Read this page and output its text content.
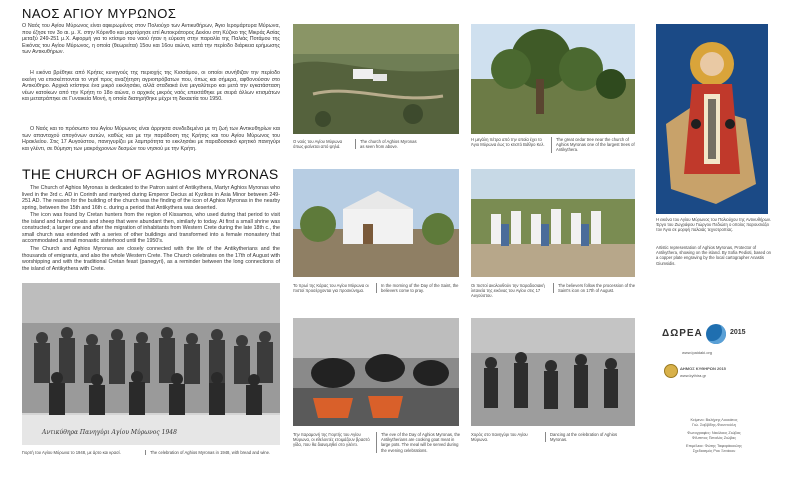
ΝΑΟΣ ΑΓΙΟΥ ΜΥΡΩΝΟΣ
Ο Ναός του Αγίου Μύρωνος είναι αφιερωμένος στον Πολιούχο των Αντικυθήρων, Άγιο Ιερομάρτυρα Μύρωνα, που έζησε τον 3ο αι. μ. Χ. στην Κόρινθο και μαρτύρησε επί Αυτοκράτορος Δεκίου στη Κύζικο της Μικράς Ασίας μεταξύ 249-251 μ.Χ. Αφορμή για το κτίσιμο του ναού ήταν η εύρεση στην παραλία της Παλιάς Ποτάμου της Εικόνας του Αγίου Μύρωνος, η οποία (θεωρείται) 15ου και 16ου αιώνα, κατά την περίοδο διάρκεια ερήμωσης των Αντικυθήρων.
Η εικόνα βρέθηκε από Κρήτες κυνηγούς της περιοχής της Κισσάμου, οι οποίοι συνήθιζαν την περίοδο εκείνη να επισκέπτονται το νησί προς αναζήτηση αγριοπρόβατων που, όπως και σήμερα, αφθονούσαν στο Αντικύθηρο. Αρχικά κτίστηκε ένα μικρό εκκλησάκι, αλλά σταδιακά ένα μεγαλύτερο και μετά την εγκατάσταση νέων κατοίκων από την Κρήτη το 18ο αιώνα, ο αρχικός μικρός ναός επεκτάθηκε με σειρά άλλων κτισμάτων και μετατράπηκε σε Γυναικεία Μονή, η οποία διατηρήθηκε μέχρι τη δεκαετία του 1950.
Ο Ναός και το πρόσωπο του Αγίου Μύρωνος είναι άρρηκτα συνδεδεμένα με τη ζωή των Αντικυθηρίων και των απανταχού απογόνων αυτών, καθώς και με την παράδοση της Κρήτης και του Αγίου Μύρωνος του Ηρακλείου. Στις 17 Αυγούστου, πανηγυρίζει με λαμπρότητα το εκκλησάκι με παραδοσιακό κρητικό πανηγύρι και γλέντι, σε θύμηση των μακρόχρονων δεσμών του νησιού με την Κρήτη.
THE CHURCH OF AGHIOS MYRONAS
The Church of Aghios Myronas is dedicated to the Patron saint of Antikythera, Martyr Aghios Myronas who lived in the 3rd c. AD in Corinth and martyred during Emperor Decius at Kyzikos in Asia Minor between 249-251 AD. The reason for the building of the church was the finding of the icon of Aghios Myronas in the nearby spring, between the 15th and 16th c. during a period that Antikythera was deserted.
The icon was found by Cretan hunters from the region of Kissamos, who used during that period to visit the island and hunted goats and sheep that were abundant then, similarly to today. At first a small shrine was constructed; a larger one and after the migration of inhabitants from Western Crete during the late 18th c., the small church was extended with a series of other buildings and transformed into a female monastery that accommodated a small monastic sisterhood until the 1950's.
The Church and Aghios Myronas are closely connected with the life of the Antikytherians and the thousands of emigrants, and also the whole Western Crete. The Church celebrates on the 17th of August with worshipping and with the traditional Cretan feast (panegyri), as a reminder between the long connections of the island of Antikythera with Crete.
Αντικύθηρα Πανηγύρι Αγίου Μύρωνος 1948
Γιορτή του Αγίου Μύρωνα το 1948, με άρτο και κρασί.	The celebration of Aghios Myronas in 1948, with bread and wine.
Ο ναός του Αγίου Μύρωνα όπως φαίνεται από ψηλά.
The church of Aghios Myronas as seen from above.
Η μεγάλη πέτρα από την οποία έχει το Άγιο Μύρωνα έως το κτιστό Βάθρο Κελ.
The great cedar tree near the church of Aghios Myronas one of the largest trees of Antikythera.
Η εικόνα του Αγίου Μύρωνος του Πολιούχου της Αντικυθήρων. Έργο του Ζωγράφου Γιώργου Πεδιώτη ο οποίος παρουσιάζει τον Άγιο σε μορφή παλαιάς τεχνοτροπίας.
Artistic representation of Aghios Myronas, Protector of Antikythera, showing on the island. By Sofia Pedioti, based on a copper plate engraving by the local cartographer Anastis Giumsidis.
Το πρωί της Κάρας του Αγίου Μύρωνα οι πιστοί προσέρχονται για προσκύνημα.
In the morning of the Day of the Saint, the believers come to pray.
Οι πιστοί ακολουθούν την παραδοσιακή λιτανεία της εικόνας του Αγίου στις 17 Αυγούστου.
The believers follow the procession of the Saint's icon on 17th of August.
Την παραμονή της Γιορτής του Αγίου Μύρωνα, οι εθελοντές ετοιμάζουν βραστό γίδα, που θα διανεμηθεί στο γλέντι.
The eve of the Day of Aghios Myronas, the Antikytherians are cooking goat meat in large pots. The meal will be served during the evening celebrations.
Χορός στο πανηγύρι του Αγίου Μύρωνα.
Dancing at the celebration of Aghios Myronas.
ΔΩΡΕΑ	2015
www.ipaidaki.org
ΔΗΜΟΣ ΚΥΘΗΡΩΝ 2015
www.kythira.gr
Κείμενο: Βαλήρης Λουκάτος
Γιώ. Σαββίδης-Φουντούλη
Φωτογραφίες: Νικόλαος Ζιώβας
Φίλιππος Πεταλάς Ζιώβας
Επιμέλεια: Φώτης Ταφαράκουλης
Σχεδιασμός Ροκ Ξενάκου
